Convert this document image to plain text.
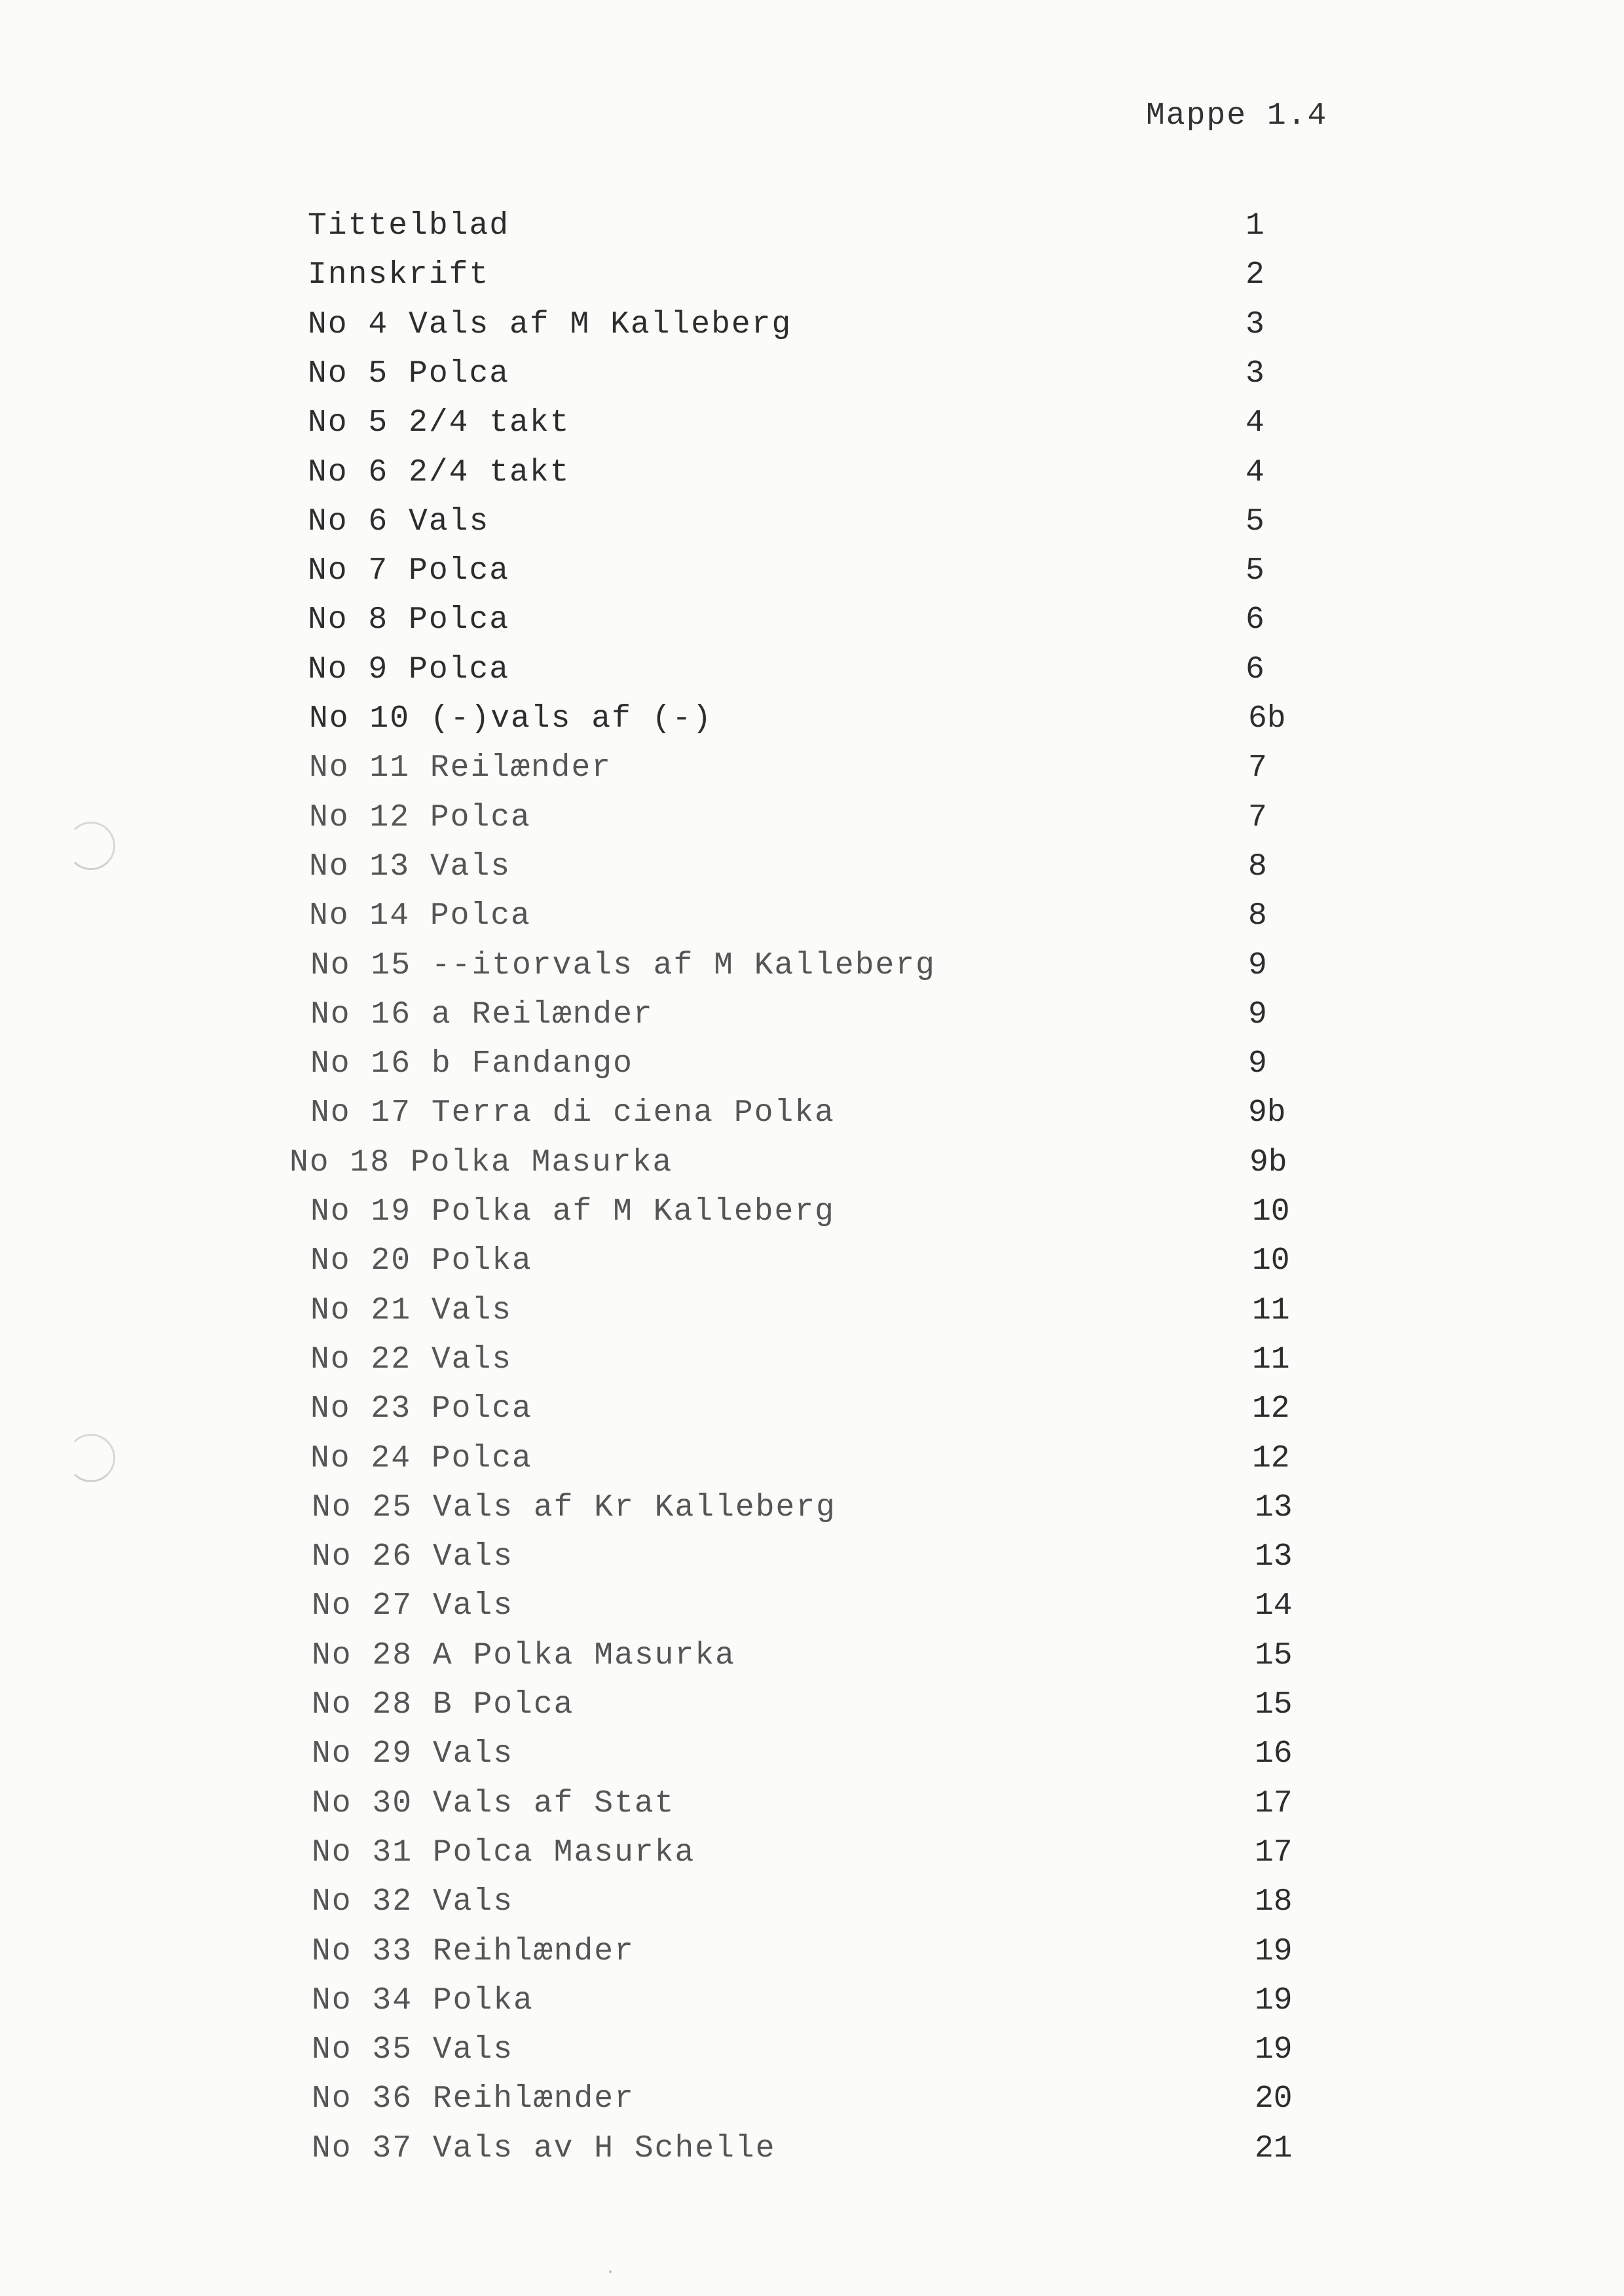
Mappe 1.4
Tittelblad	1
Innskrift	2
No 4 Vals af M Kalleberg	3
No 5 Polca	3
No 5 2/4 takt	4
No 6 2/4 takt	4
No 6 Vals	5
No 7 Polca	5
No 8 Polca	6
No 9 Polca	6
No 10 (-)vals af (-)	6b
No 11 Reilænder	7
No 12 Polca	7
No 13 Vals	8
No 14 Polca	8
No 15 --itorvals af M Kalleberg	9
No 16 a Reilænder	9
No 16 b Fandango	9
No 17 Terra di ciena Polka	9b
No 18 Polka Masurka	9b
No 19 Polka af M Kalleberg	10
No 20 Polka	10
No 21 Vals	11
No 22 Vals	11
No 23 Polca	12
No 24 Polca	12
No 25 Vals af Kr Kalleberg	13
No 26 Vals	13
No 27 Vals	14
No 28 A Polka Masurka	15
No 28 B Polca	15
No 29 Vals	16
No 30 Vals af Stat	17
No 31 Polca Masurka	17
No 32 Vals	18
No 33 Reihlænder	19
No 34 Polka	19
No 35 Vals	19
No 36 Reihlænder	20
No 37 Vals av H Schelle	21
